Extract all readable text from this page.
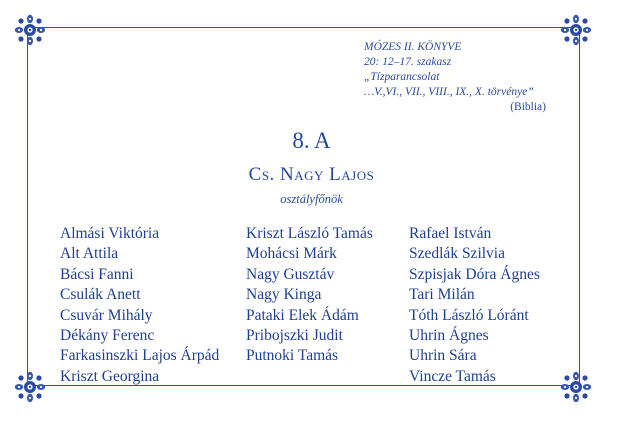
MÓZES II. KÖNYVE
20: 12–17. szakasz
„Tízparancsolat
…V.,VI., VII., VIII., IX., X. törvénye”
(Biblia)
8. A
Cs. Nagy Lajos
osztályfőnök
Almási Viktória
Alt Attila
Bácsi Fanni
Csulák Anett
Csuvár Mihály
Dékány Ferenc
Farkasinszki Lajos Árpád
Kriszt Georgina
Kriszt László Tamás
Mohácsi Márk
Nagy Gusztáv
Nagy Kinga
Pataki Elek Ádám
Pribojszki Judit
Putnoki Tamás
Rafael István
Szedlák Szilvia
Szpisjak Dóra Ágnes
Tari Milán
Tóth László Lóránt
Uhrin Ágnes
Uhrin Sára
Vincze Tamás
